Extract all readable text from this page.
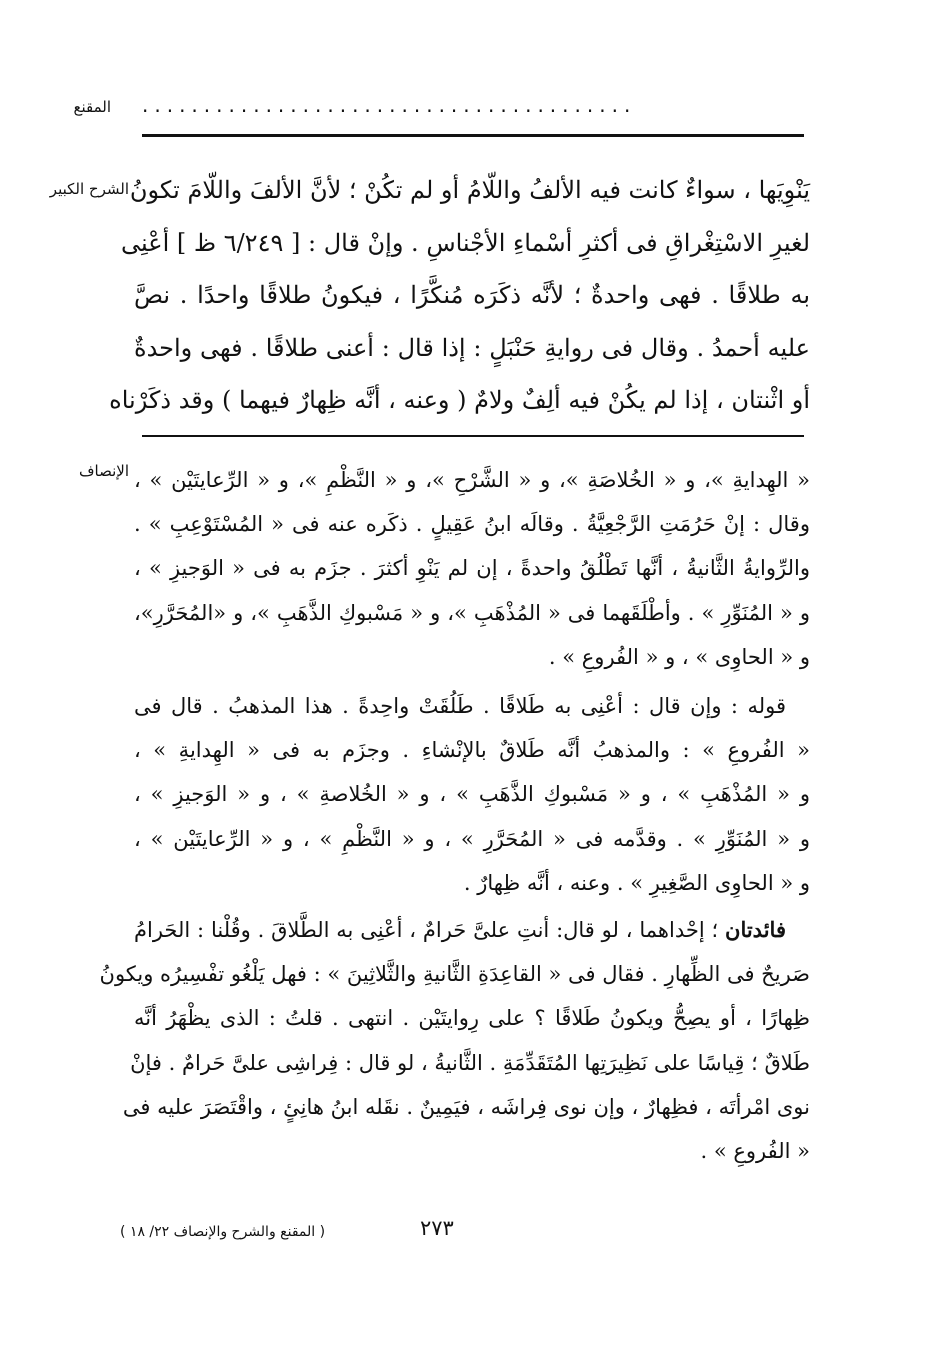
المقنع ........................................
الشرح الكبير يَنْوِيَها ، سواءٌ كانت فيه الألفُ واللّامُ أو لم تكُنْ ؛ لأنَّ الألفَ واللّامَ تكونُ
لغيرِ الاسْتِغْراقِ فى أكثرِ أسْماءِ الأجْناسِ . وإنْ قال : [ ٦/٢٤٩ ظ ] أعْنِى
به طلاقًا . فهى واحدةٌ ؛ لأنَّه ذكَرَه مُنكَّرًا ، فيكونُ طلاقًا واحدًا . نصَّ
عليه أحمدُ . وقال فى روايةِ حَنْبَلٍ : إذا قال : أعنى طلاقًا . فهى واحدةٌ
أو اثْنتان ، إذا لم يكُنْ فيه ألِفٌ ولامٌ ( وعنه ، أنَّه ظِهارٌ فيهما ) وقد ذكَرْناه
الإنصاف « الهِدايةِ »، و « الخُلاصَةِ »، و « الشَّرْحِ »، و « النَّظْمِ »، و « الرِّعايتَيْن » ،
وقال : إنْ حَرُمَتِ الرَّجْعِيَّةُ . وقالَه ابنُ عَقِيلٍ . ذكَره عنه فى « المُسْتَوْعِبِ » .
والرِّوايةُ الثَّانيةُ ، أنَّها تَطْلُقُ واحدةً ، إن لم يَنْوِ أكثرَ . جزَم به فى « الوَجيزِ » ،
و « المُنَوِّرِ » . وأطْلَقَهما فى « المُذْهَبِ »، و « مَسْبوكِ الذَّهَبِ »، و «المُحَرَّرِ»،
و « الحاوِى » ، و « الفُروعِ » .
قوله : وإن قال : أعْنِى به طَلاقًا . طَلُقَتْ واحِدةً . هذا المذهبُ . قال فى
« الفُروعِ » : والمذهبُ أنَّه طَلاقٌ بالإنْشاءِ . وجزَم به فى « الهِدايةِ » ،
و « المُذْهَبِ » ، و « مَسْبوكِ الذَّهَبِ » ، و « الخُلاصةِ » ، و « الوَجيزِ » ،
و « المُنَوِّرِ » . وقدَّمه فى « المُحَرَّرِ » ، و « النَّظْمِ » ، و « الرِّعايتَيْن » ،
و « الحاوِى الصَّغِيرِ » . وعنه ، أنَّه ظِهارٌ .
فائدتان ؛ إحْداهما ، لو قال: أنتِ علىَّ حَرامٌ ، أعْنِى به الطَّلاقَ . وقُلْنا : الحَرامُ
صَريحٌ فى الظِّهارِ . فقال فى « القاعِدَةِ الثَّانيةِ والثَّلاثِينَ » : فهل يَلْغُو تفْسِيرُه ويكونُ
ظِهارًا ، أو يصِحُّ ويكونُ طَلاقًا ؟ على رِوايتَيْن . انتهى . قلتُ : الذى يظْهَرُ أنَّه
طَلاقٌ ؛ قِياسًا على نَظِيرَتِها المُتَقَدِّمَةِ . الثَّانيةُ ، لو قال : فِراشِى علىَّ حَرامٌ . فإنْ
نوى امْرأتَه ، فظِهارٌ ، وإن نوى فِراشَه ، فيَمِينٌ . نقَله ابنُ هانِئٍ ، واقْتَصَرَ عليه فى
« الفُروعِ » .
٢٧٣
( المقنع والشرح والإنصاف ٢٢/ ١٨ )
